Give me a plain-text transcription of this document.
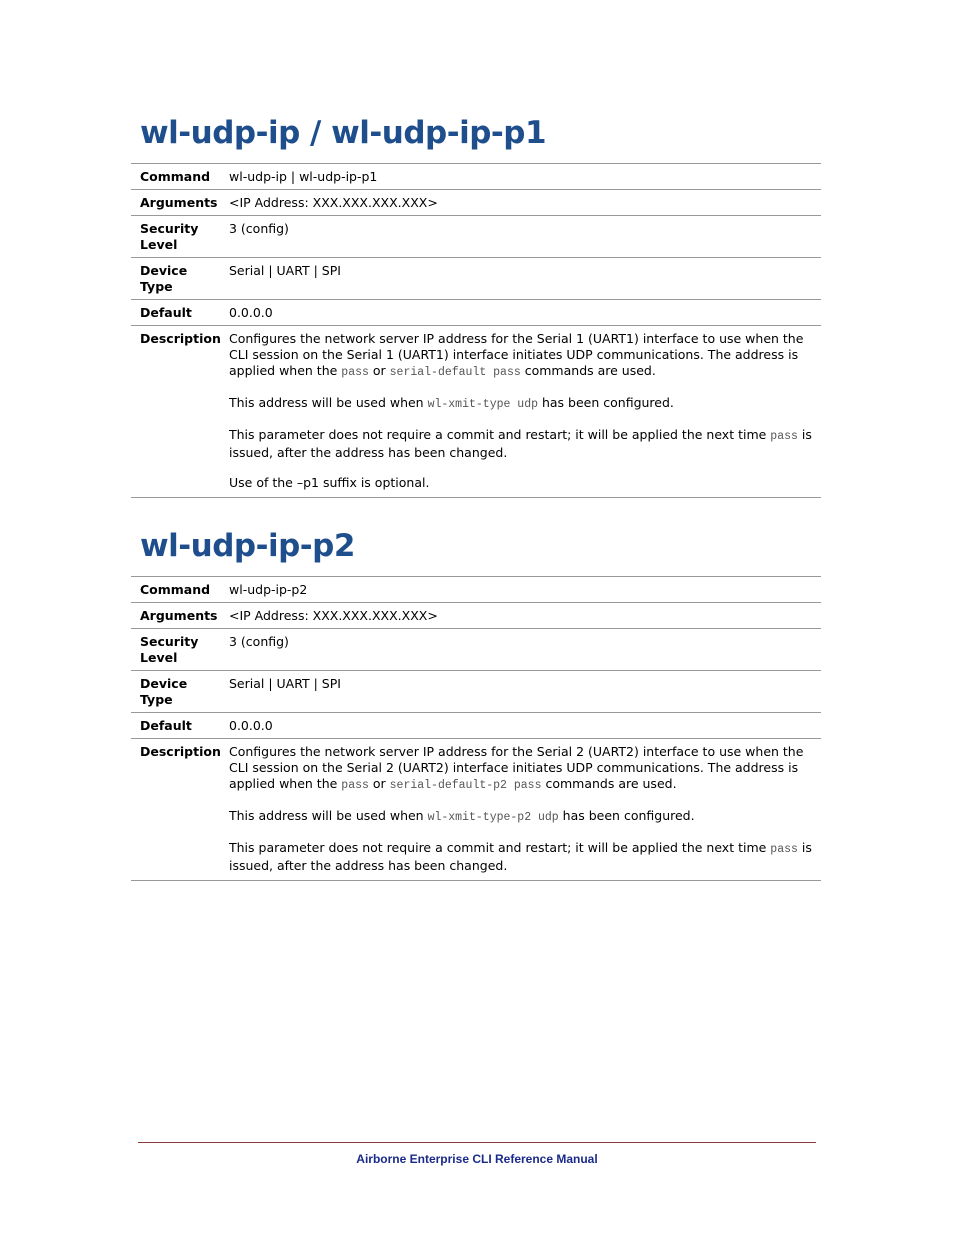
wl-udp-ip / wl-udp-ip-p1
Command	wl-udp-ip | wl-udp-ip-p1
Arguments	<IP Address: XXX.XXX.XXX.XXX>
Security Level	3 (config)
Device Type	Serial | UART | SPI
Default	0.0.0.0
Description	Configures the network server IP address for the Serial 1 (UART1) interface to use when the CLI session on the Serial 1 (UART1) interface initiates UDP communications. The address is applied when the pass or serial-default pass commands are used.

This address will be used when wl-xmit-type udp has been configured.

This parameter does not require a commit and restart; it will be applied the next time pass is issued, after the address has been changed.

Use of the –p1 suffix is optional.

wl-udp-ip-p2
Command	wl-udp-ip-p2
Arguments	<IP Address: XXX.XXX.XXX.XXX>
Security Level	3 (config)
Device Type	Serial | UART | SPI
Default	0.0.0.0
Description	Configures the network server IP address for the Serial 2 (UART2) interface to use when the CLI session on the Serial 2 (UART2) interface initiates UDP communications. The address is applied when the pass or serial-default-p2 pass commands are used.

This address will be used when wl-xmit-type-p2 udp has been configured.

This parameter does not require a commit and restart; it will be applied the next time pass is issued, after the address has been changed.

Airborne Enterprise CLI Reference Manual
